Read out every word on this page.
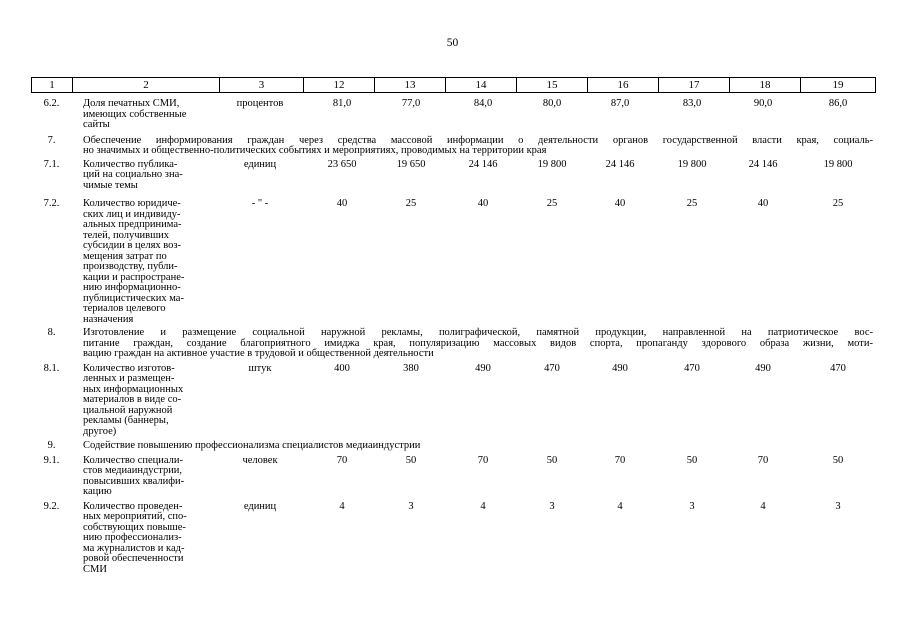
50
1	2	3	12	13	14	15	16	17	18	19
6.2.	Доля печатных СМИ,
имеющих собственные
сайты
процентов	81,0	77,0	84,0	80,0	87,0	83,0	90,0	86,0
7.	Обеспечение информирования граждан через средства массовой информации о деятельности органов государственной власти края, социаль-
но значимых и общественно-политических событиях и мероприятиях, проводимых на территории края
7.1.	Количество публика-
ций на социально зна-
чимые темы
единиц	23 650	19 650	24 146	19 800	24 146	19 800	24 146	19 800
7.2.	Количество юридиче-
ских лиц и индивиду-
альных предпринима-
телей, получивших
субсидии в целях воз-
мещения затрат по
производству, публи-
кации и распростране-
нию информационно-
публицистических ма-
териалов целевого
назначения
- " -	40	25	40	25	40	25	40	25
8.	Изготовление и размещение социальной наружной рекламы, полиграфической, памятной продукции, направленной на патриотическое вос-
питание граждан, создание благоприятного имиджа края, популяризацию массовых видов спорта, пропаганду здорового образа жизни, моти-
вацию граждан на активное участие в трудовой и общественной деятельности
8.1.	Количество изготов-
ленных и размещен-
ных информационных
материалов в виде со-
циальной наружной
рекламы (баннеры,
другое)
штук	400	380	490	470	490	470	490	470
9.	Содействие повышению профессионализма специалистов медиаиндустрии
9.1.	Количество специали-
стов медиаиндустрии,
повысивших квалифи-
кацию
человек	70	50	70	50	70	50	70	50
9.2.	Количество проведен-
ных мероприятий, спо-
собствующих повыше-
нию профессионализ-
ма журналистов и кад-
ровой обеспеченности
СМИ
единиц	4	3	4	3	4	3	4	3
